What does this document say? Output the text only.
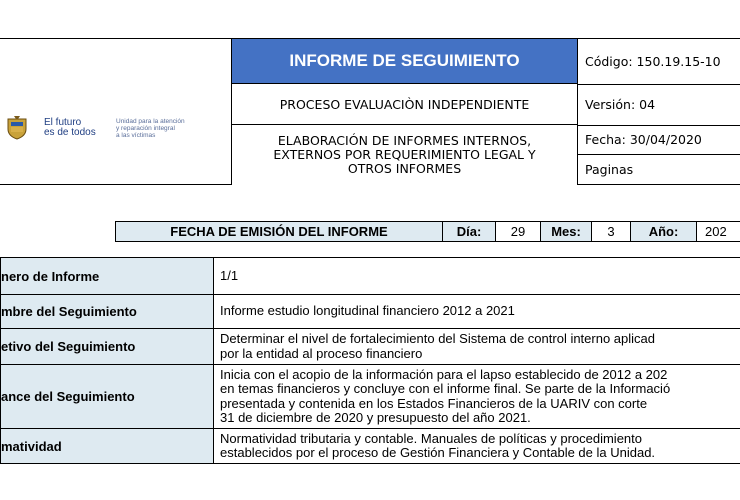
El futuro
es de todos
Unidad para la atención
y reparación integral
a las víctimas
INFORME DE SEGUIMIENTO
PROCESO EVALUACIÒN INDEPENDIENTE
ELABORACIÓN DE INFORMES INTERNOS,
EXTERNOS POR REQUERIMIENTO LEGAL Y
OTROS INFORMES
Código: 150.19.15-10
Versión: 04
Fecha: 30/04/2020
Paginas
FECHA DE EMISIÓN DEL INFORME	Día:	29	Mes:	3	Año:	202
nero de Informe	1/1

mbre del Seguimiento	Informe estudio longitudinal financiero 2012 a 2021

etivo del Seguimiento	Determinar el nivel de fortalecimiento del Sistema de control interno aplicad
por la entidad al proceso financiero

ance del Seguimiento	Inicia con el acopio de la información para el lapso establecido de 2012 a 202
en temas financieros y concluye con el informe final. Se parte de la Informació
presentada y contenida en los Estados Financieros de la UARIV con corte
31 de diciembre de 2020 y presupuesto del año 2021.

matividad	Normatividad tributaria y contable. Manuales de políticas y procedimiento
establecidos por el proceso de Gestión Financiera y Contable de la Unidad.
